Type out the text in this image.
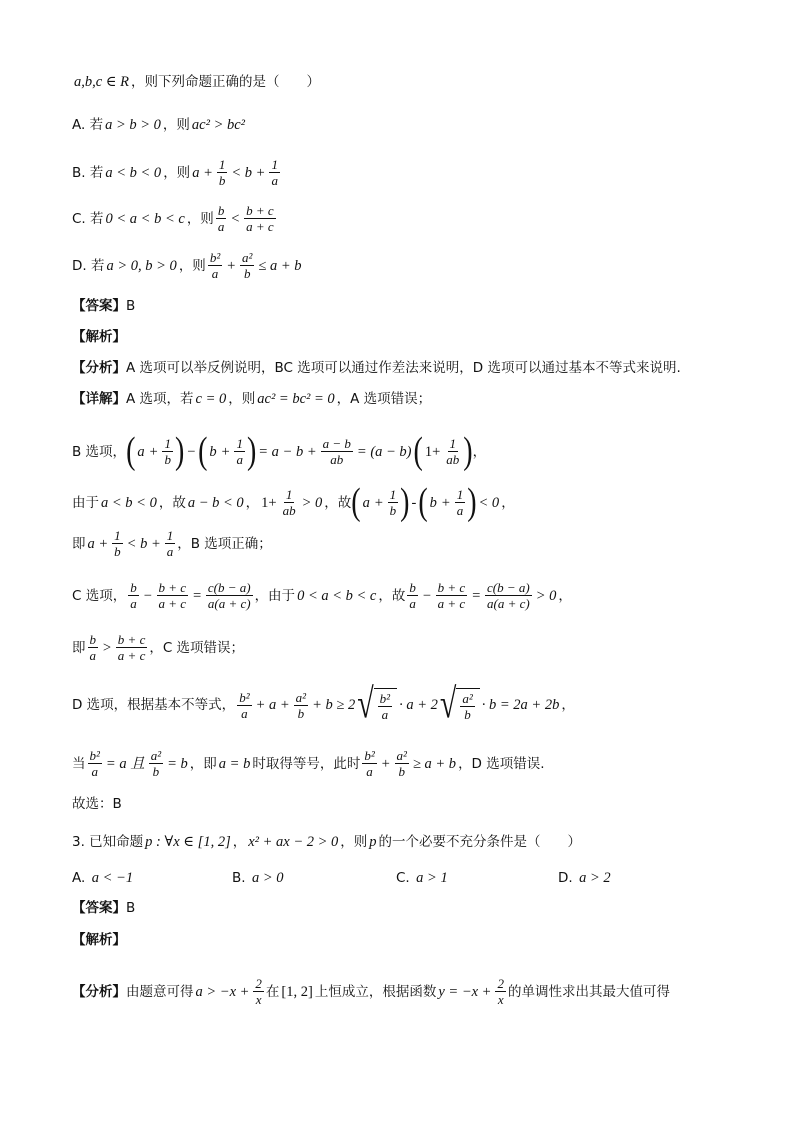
a,b,c ∈ R ，则下列命题正确的是（　　）
A. 若 a > b > 0 ，则 ac² > bc²
B. 若 a < b < 0 ，则 $a + \frac{1}{b} < b + \frac{1}{a}$
C. 若 0 < a < b < c ，则 $\frac{b}{a} < \frac{b + c}{a + c}$
D. 若 a > 0, b > 0 ，则 $\frac{\text{b²}}{a} + \frac{\text{a²}}{b} \le a + b$
【答案】 B
【解析】
【分析】 A 选项可以举反例说明，BC 选项可以通过作差法来说明，D 选项可以通过基本不等式来说明.
【详解】 A 选项，若 c = 0 ，则 ac² = bc² = 0 ，A 选项错误；
B 选项， ( $a + \frac{1}{b}$ ) − ( $b + \frac{1}{a}$ ) = $a - b + \frac{a - b}{ab} = (a - b)$ ( $1+ \frac{1}{ab}$ ) ，
由于 a < b < 0 ，故 a − b < 0 ， $1+ \frac{1}{ab} > 0$ ，故 ( $a + \frac{1}{b}$ ) - ( $b + \frac{1}{a}$ ) < 0 ，
即 $a + \frac{1}{b} < b + \frac{1}{a}$ ，B 选项正确；
C 选项， $\frac{b}{a} - \frac{b + c}{a + c} = \frac{c(b - a)}{a(a + c)}$ ，由于 0 < a < b < c ，故 $\frac{b}{a} - \frac{b + c}{a + c} = \frac{c(b - a)}{a(a + c)} > 0$ ，
即 $\frac{b}{a} > \frac{b + c}{a + c}$ ，C 选项错误；
D 选项，根据基本不等式， $\frac{\text{b²}}{a} + a + \frac{\text{a²}}{b} + b \ge 2$ √ $\frac{\text{b²}}{a} \cdot a + 2$ √ $\frac{\text{a²}}{b} \cdot b = 2a + 2b$ ，
当 $\frac{\text{b²}}{a} = a$ 且 $\frac{\text{a²}}{b} = b$ ，即 a = b 时取得等号，此时 $\frac{\text{b²}}{a} + \frac{\text{a²}}{b} \ge a + b$ ，D 选项错误.
故选：B
3. 已知命题 p : ∀x ∈ [1, 2] ， x² + ax − 2 > 0 ，则 p 的一个必要不充分条件是（　　）
A. a < −1	B. a > 0	C. a > 1	D. a > 2
【答案】 B
【解析】
【分析】 由题意可得 $a > -x + \frac{2}{x}$ 在 [1, 2] 上恒成立，根据函数 $y = -x + \frac{2}{x}$ 的单调性求出其最大值可得
